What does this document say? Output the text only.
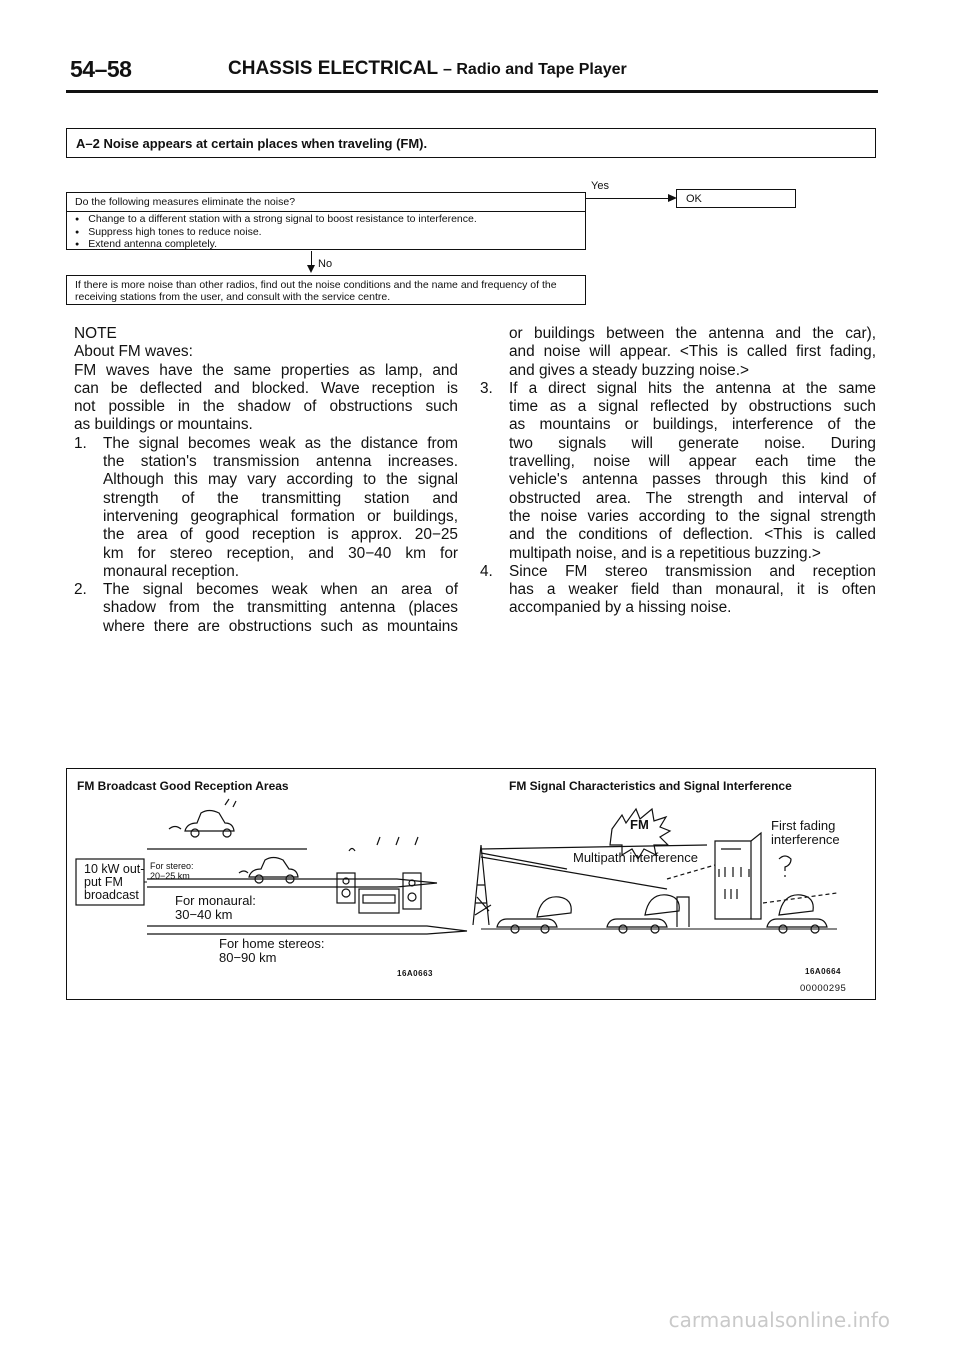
54–58	CHASSIS ELECTRICAL – Radio and Tape Player
A–2 Noise appears at certain places when traveling (FM).
Do the following measures eliminate the noise?
● Change to a different station with a strong signal to boost resistance to interference.
● Suppress high tones to reduce noise.
● Extend antenna completely.
Yes
OK
No
If there is more noise than other radios, find out the noise conditions and the name and frequency of the receiving stations from the user, and consult with the service centre.

NOTE

About FM waves:

FM waves have the same properties as lamp, and

can be deflected and blocked. Wave reception is

not possible in the shadow of obstructions such

as buildings or mountains.

1.	The signal becomes weak as the distance from

the station's transmission antenna increases.

Although this may vary according to the signal

strength of the transmitting station and

intervening geographical formation or buildings,

the area of good reception is approx. 20−25

km for stereo reception, and 30−40 km for

monaural reception.

2.	The signal becomes weak when an area of

shadow from the transmitting antenna (places

where there are obstructions such as mountains

or buildings between the antenna and the car),

and noise will appear. <This is called first fading,

and gives a steady buzzing noise.>

3.	If a direct signal hits the antenna at the same

time as a signal reflected by obstructions such

as mountains or buildings, interference of the

two signals will generate noise. During

travelling, noise will appear each time the

vehicle's antenna passes through this kind of

obstructed area. The strength and interval of

the noise varies according to the signal strength

and the conditions of deflection. <This is called

multipath noise, and is a repetitious buzzing.>

4.	Since FM stereo transmission and reception

has a weaker field than monaural, it is often

accompanied by a hissing noise.

FM Broadcast Good Reception Areas
10 kW out-
put FM
broadcast
For stereo:
20−25 km
For monaural:
30−40 km
For home stereos:
80−90 km
16A0663
FM Signal Characteristics and Signal Interference
FM
Multipath interference
First fading
interference
16A0664
00000295
carmanualsonline.info
